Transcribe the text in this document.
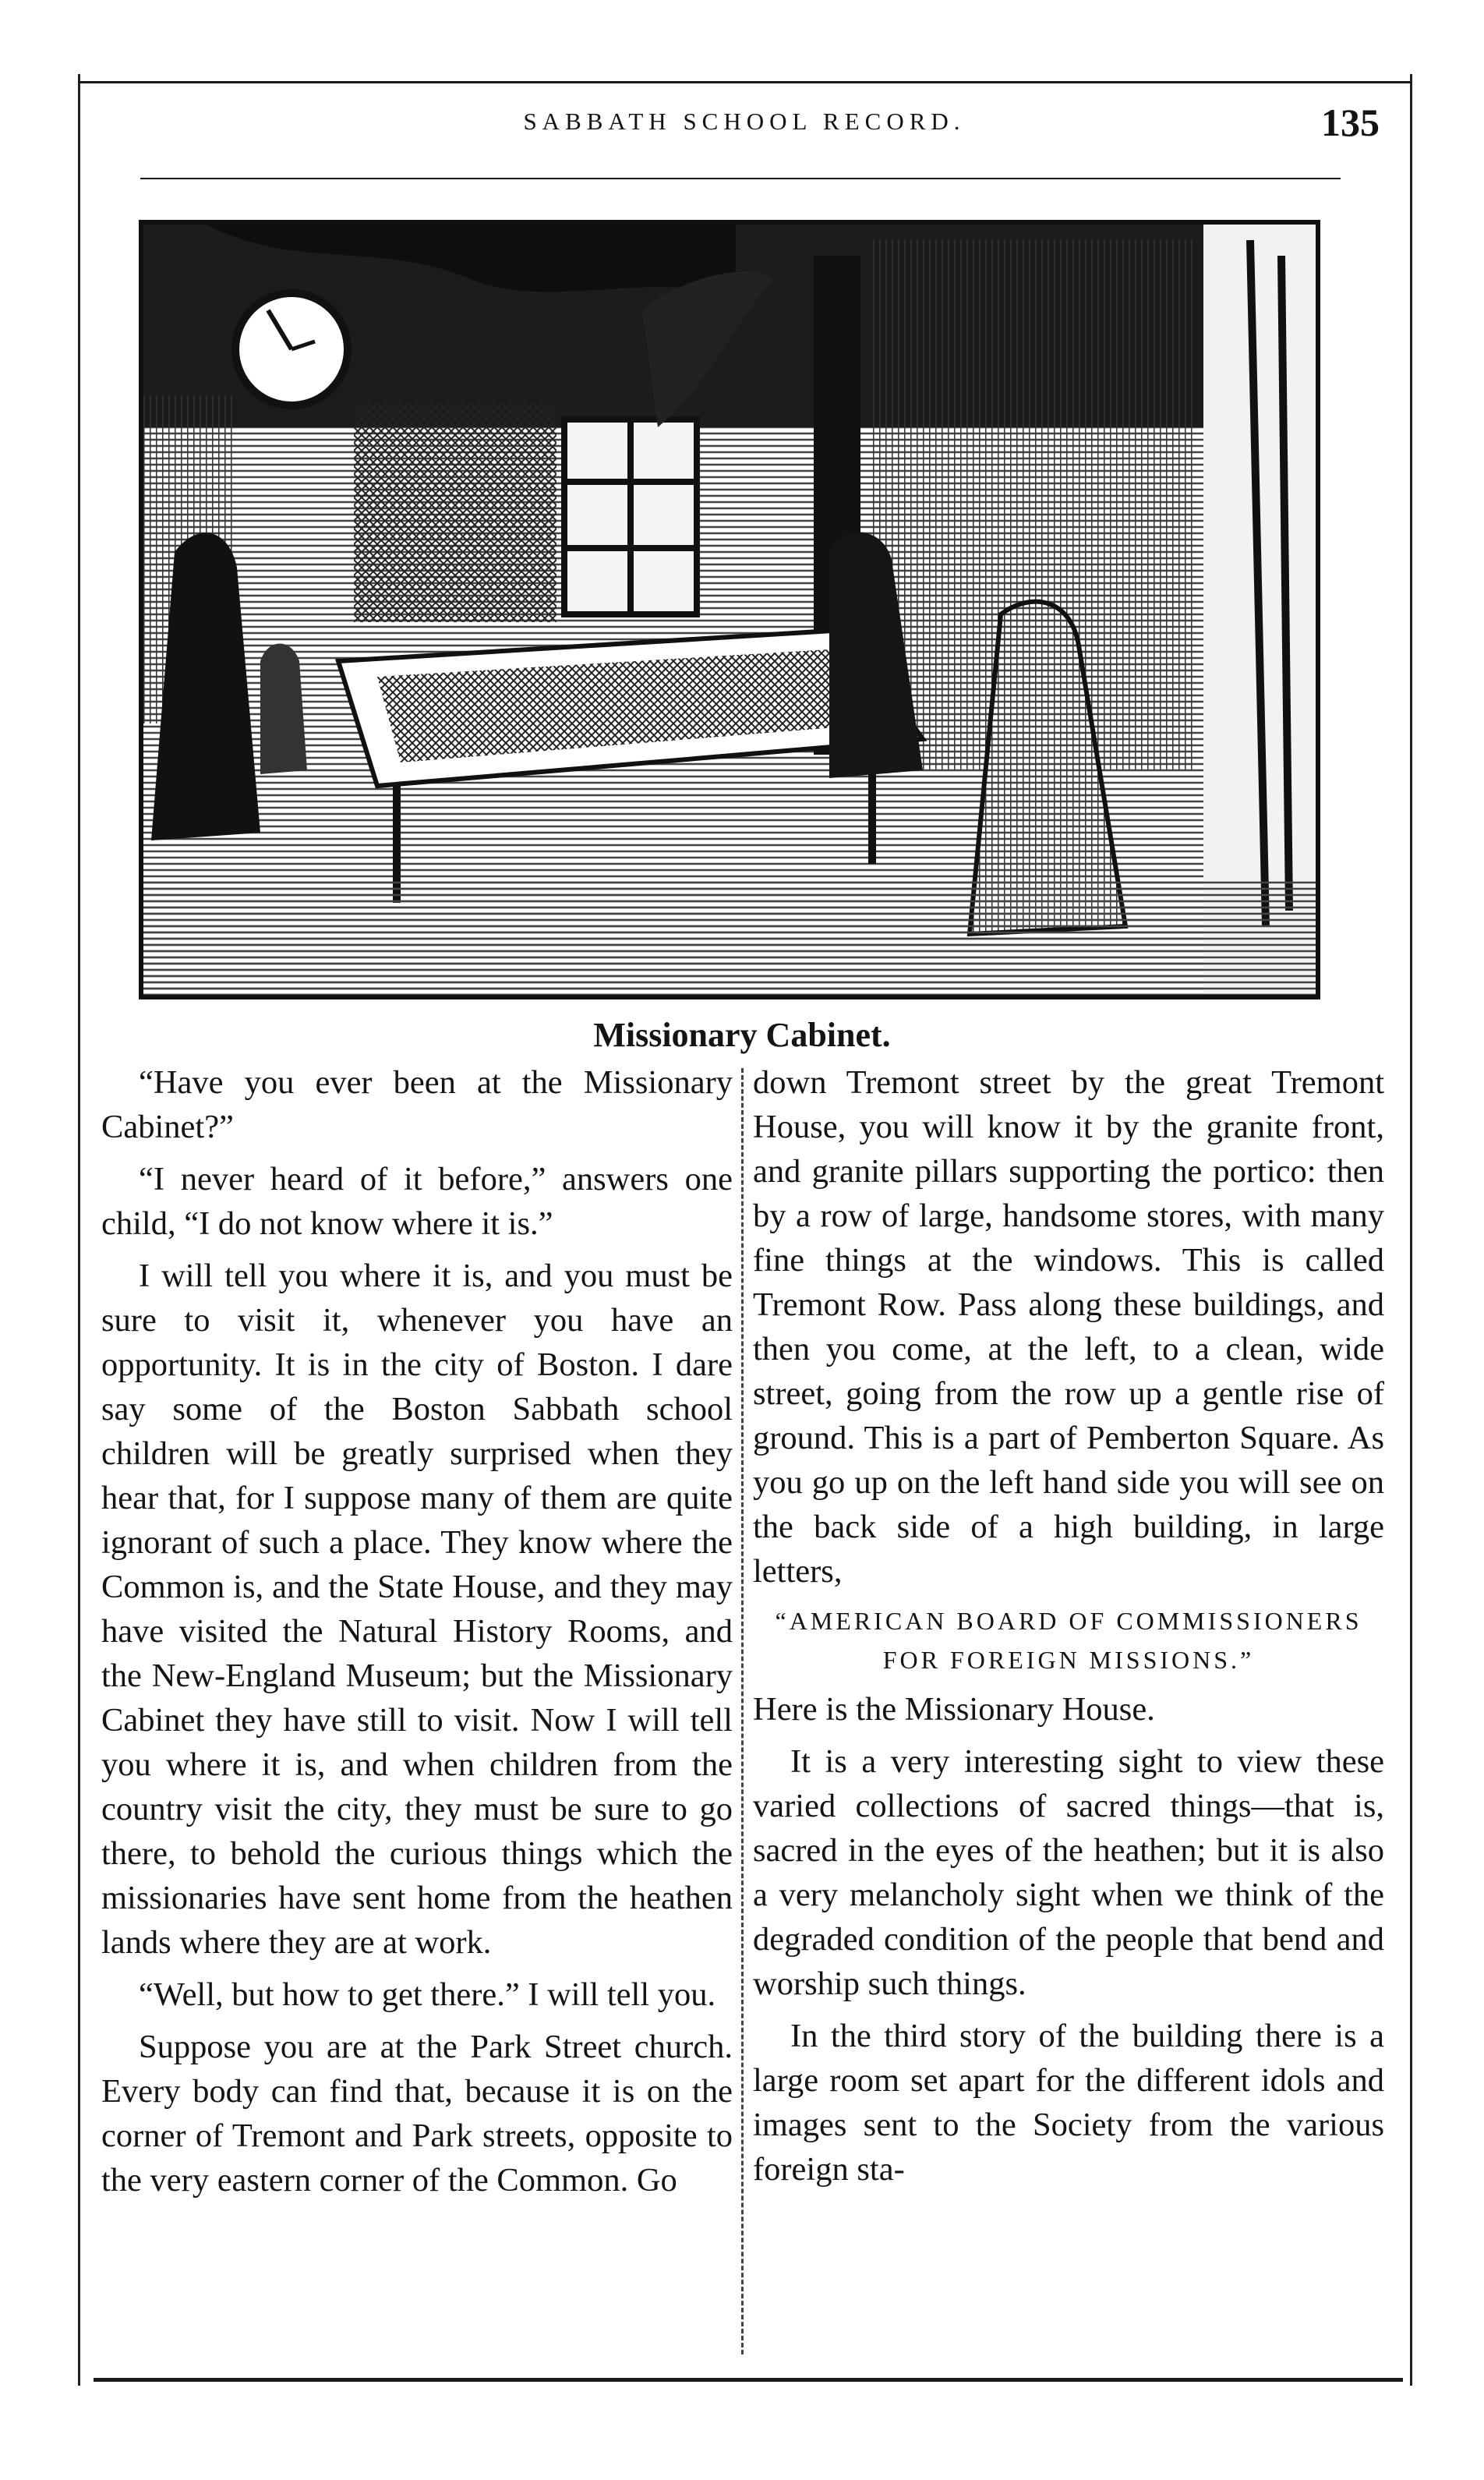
SABBATH SCHOOL RECORD.	135
Missionary Cabinet.

“Have you ever been at the Missionary Cabinet?”

“I never heard of it before,” answers one child, “I do not know where it is.”

I will tell you where it is, and you must be sure to visit it, whenever you have an opportunity. It is in the city of Boston. I dare say some of the Boston Sabbath school children will be greatly surprised when they hear that, for I suppose many of them are quite ignorant of such a place. They know where the Common is, and the State House, and they may have visited the Natural History Rooms, and the New-England Museum; but the Missionary Cabinet they have still to visit. Now I will tell you where it is, and when children from the country visit the city, they must be sure to go there, to behold the curious things which the missionaries have sent home from the heathen lands where they are at work.

“Well, but how to get there.” I will tell you.

Suppose you are at the Park Street church. Every body can find that, because it is on the corner of Tremont and Park streets, opposite to the very eastern corner of the Common. Go

down Tremont street by the great Tremont House, you will know it by the granite front, and granite pillars supporting the portico: then by a row of large, handsome stores, with many fine things at the windows. This is called Tremont Row. Pass along these buildings, and then you come, at the left, to a clean, wide street, going from the row up a gentle rise of ground. This is a part of Pemberton Square. As you go up on the left hand side you will see on the back side of a high building, in large letters,

“AMERICAN BOARD OF COMMISSIONERS FOR FOREIGN MISSIONS.”

Here is the Missionary House.

It is a very interesting sight to view these varied collections of sacred things—that is, sacred in the eyes of the heathen; but it is also a very melancholy sight when we think of the degraded condition of the people that bend and worship such things.

In the third story of the building there is a large room set apart for the different idols and images sent to the Society from the various foreign sta-
